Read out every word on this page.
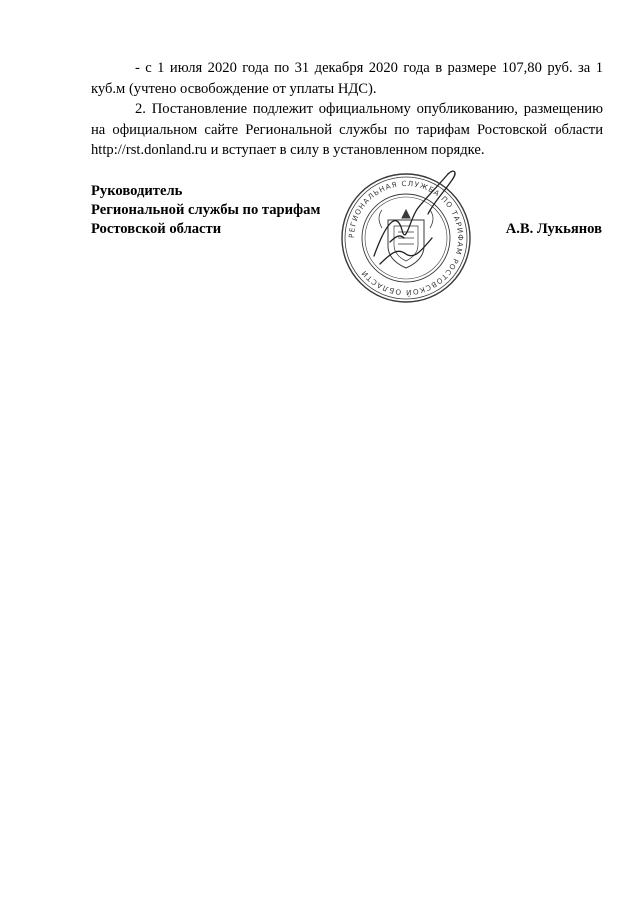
- с 1 июля 2020 года по 31 декабря 2020 года в размере 107,80 руб. за 1 куб.м (учтено освобождение от уплаты НДС).

2. Постановление подлежит официальному опубликованию, размещению на официальном сайте Региональной службы по тарифам Ростовской области http://rst.donland.ru и вступает в силу в установленном порядке.

Руководитель
Региональной службы по тарифам
Ростовской области	РЕГИОНАЛЬНАЯ СЛУЖБА ПО ТАРИФАМ РОСТОВСКОЙ ОБЛАСТИ
А.В. Лукьянов
